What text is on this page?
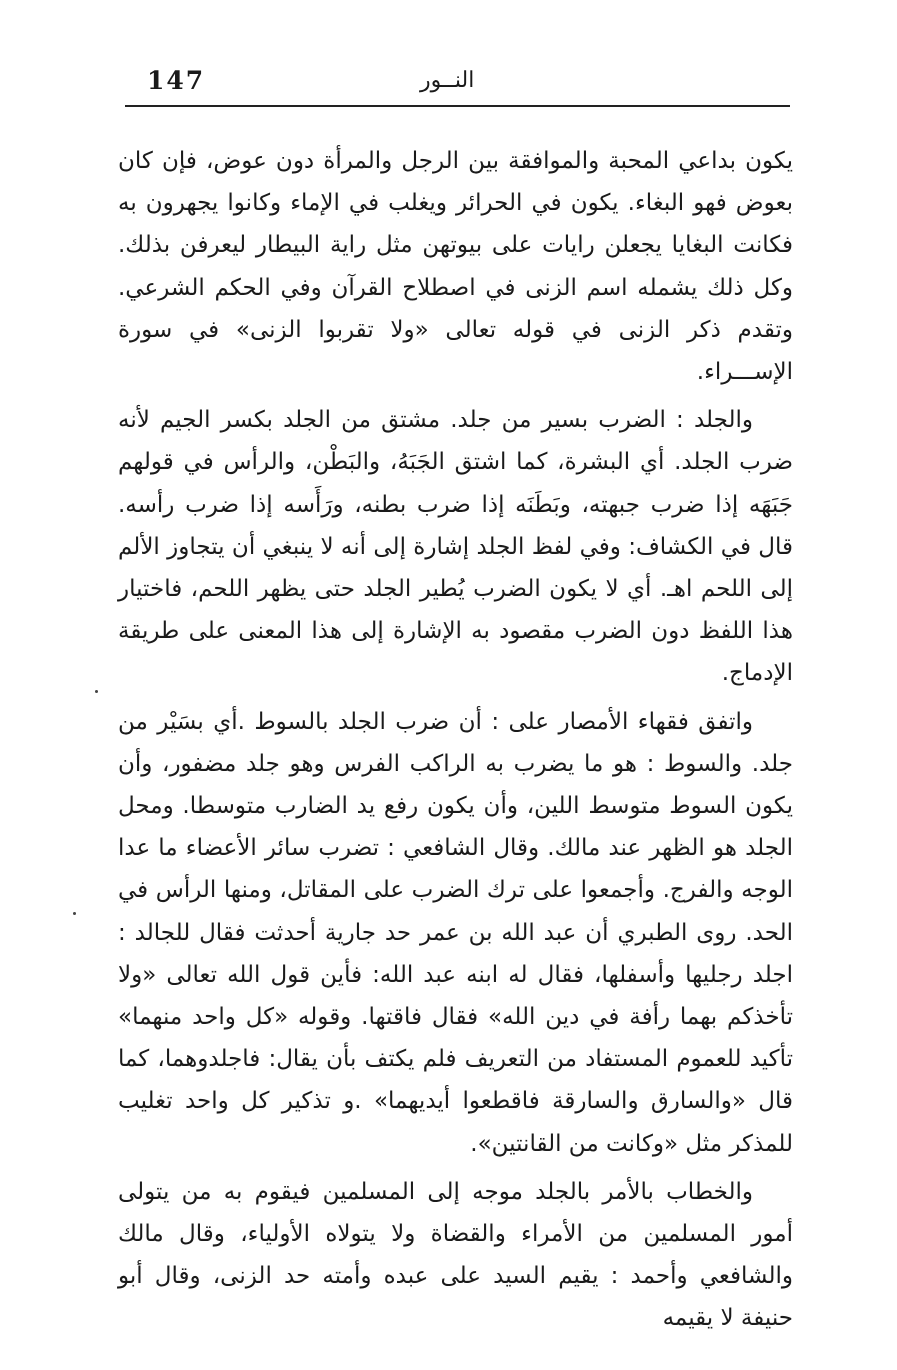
147	النــور

يكون بداعي المحبة والموافقة بين الرجل والمرأة دون عوض، فإن كان بعوض فهو البغاء. يكون في الحرائر ويغلب في الإماء وكانوا يجهرون به فكانت البغايا يجعلن رايات على بيوتهن مثل راية البيطار ليعرفن بذلك. وكل ذلك يشمله اسم الزنى في اصطلاح القرآن وفي الحكم الشرعي. وتقدم ذكر الزنى في قوله تعالى «ولا تقربوا الزنى» في سورة الإســـراء.

والجلد : الضرب بسير من جلد. مشتق من الجلد بكسر الجيم لأنه ضرب الجلد. أي البشرة، كما اشتق الجَبَهُ، والبَطْن، والرأس في قولهم جَبَهَه إذا ضرب جبهته، وبَطَنَه إذا ضرب بطنه، ورَأَسه إذا ضرب رأسه. قال في الكشاف: وفي لفظ الجلد إشارة إلى أنه لا ينبغي أن يتجاوز الألم إلى اللحم اهـ. أي لا يكون الضرب يُطير الجلد حتى يظهر اللحم، فاختيار هذا اللفظ دون الضرب مقصود به الإشارة إلى هذا المعنى على طريقة الإدماج.

واتفق فقهاء الأمصار على : أن ضرب الجلد بالسوط .أي بسَيْر من جلد. والسوط : هو ما يضرب به الراكب الفرس وهو جلد مضفور، وأن يكون السوط متوسط اللين، وأن يكون رفع يد الضارب متوسطا. ومحل الجلد هو الظهر عند مالك. وقال الشافعي : تضرب سائر الأعضاء ما عدا الوجه والفرج. وأجمعوا على ترك الضرب على المقاتل، ومنها الرأس في الحد. روى الطبري أن عبد الله بن عمر حد جارية أحدثت فقال للجالد : اجلد رجليها وأسفلها، فقال له ابنه عبد الله: فأين قول الله تعالى «ولا تأخذكم بهما رأفة في دين الله» فقال فاقتها. وقوله «كل واحد منهما» تأكيد للعموم المستفاد من التعريف فلم يكتف بأن يقال: فاجلدوهما، كما قال «والسارق والسارقة فاقطعوا أيديهما» .و تذكير كل واحد تغليب للمذكر مثل «وكانت من القانتين».

والخطاب بالأمر بالجلد موجه إلى المسلمين فيقوم به من يتولى أمور المسلمين من الأمراء والقضاة ولا يتولاه الأولياء، وقال مالك والشافعي وأحمد : يقيم السيد على عبده وأمته حد الزنى، وقال أبو حنيفة لا يقيمه
